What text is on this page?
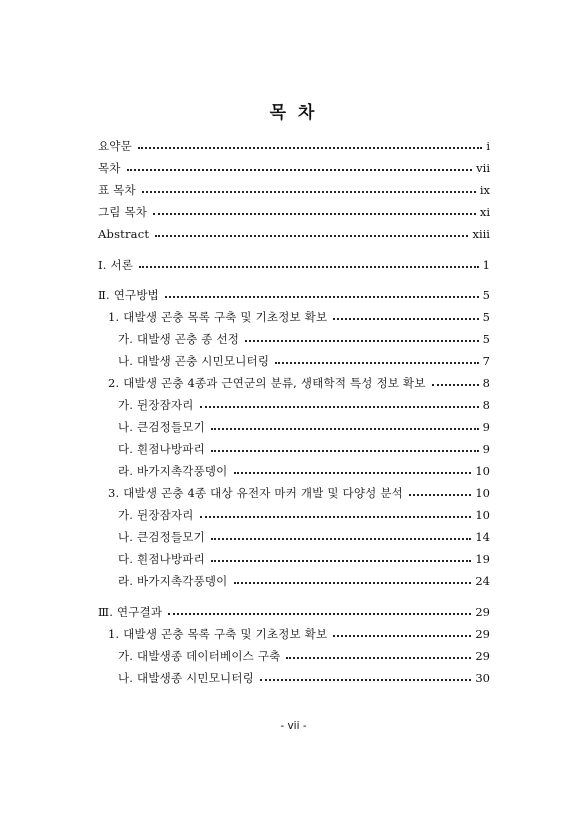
목 차
요약문	i
목차	vii
표 목차	ix
그림 목차	xi
Abstract	xiii
Ⅰ. 서론	1
Ⅱ. 연구방법	5
1. 대발생 곤충 목록 구축 및 기초정보 확보	5
가. 대발생 곤충 종 선정	5
나. 대발생 곤충 시민모니터링	7
2. 대발생 곤충 4종과 근연군의 분류, 생태학적 특성 정보 확보	8
가. 뒨장잠자리	8
나. 큰검정들모기	9
다. 흰점나방파리	9
라. 바가지촉각풍뎅이	10
3. 대발생 곤충 4종 대상 유전자 마커 개발 및 다양성 분석	10
가. 뒨장잠자리	10
나. 큰검정들모기	14
다. 흰점나방파리	19
라. 바가지촉각풍뎅이	24
Ⅲ. 연구결과	29
1. 대발생 곤충 목록 구축 및 기초정보 확보	29
가. 대발생종 데이터베이스 구축	29
나. 대발생종 시민모니터링	30
- vii -
